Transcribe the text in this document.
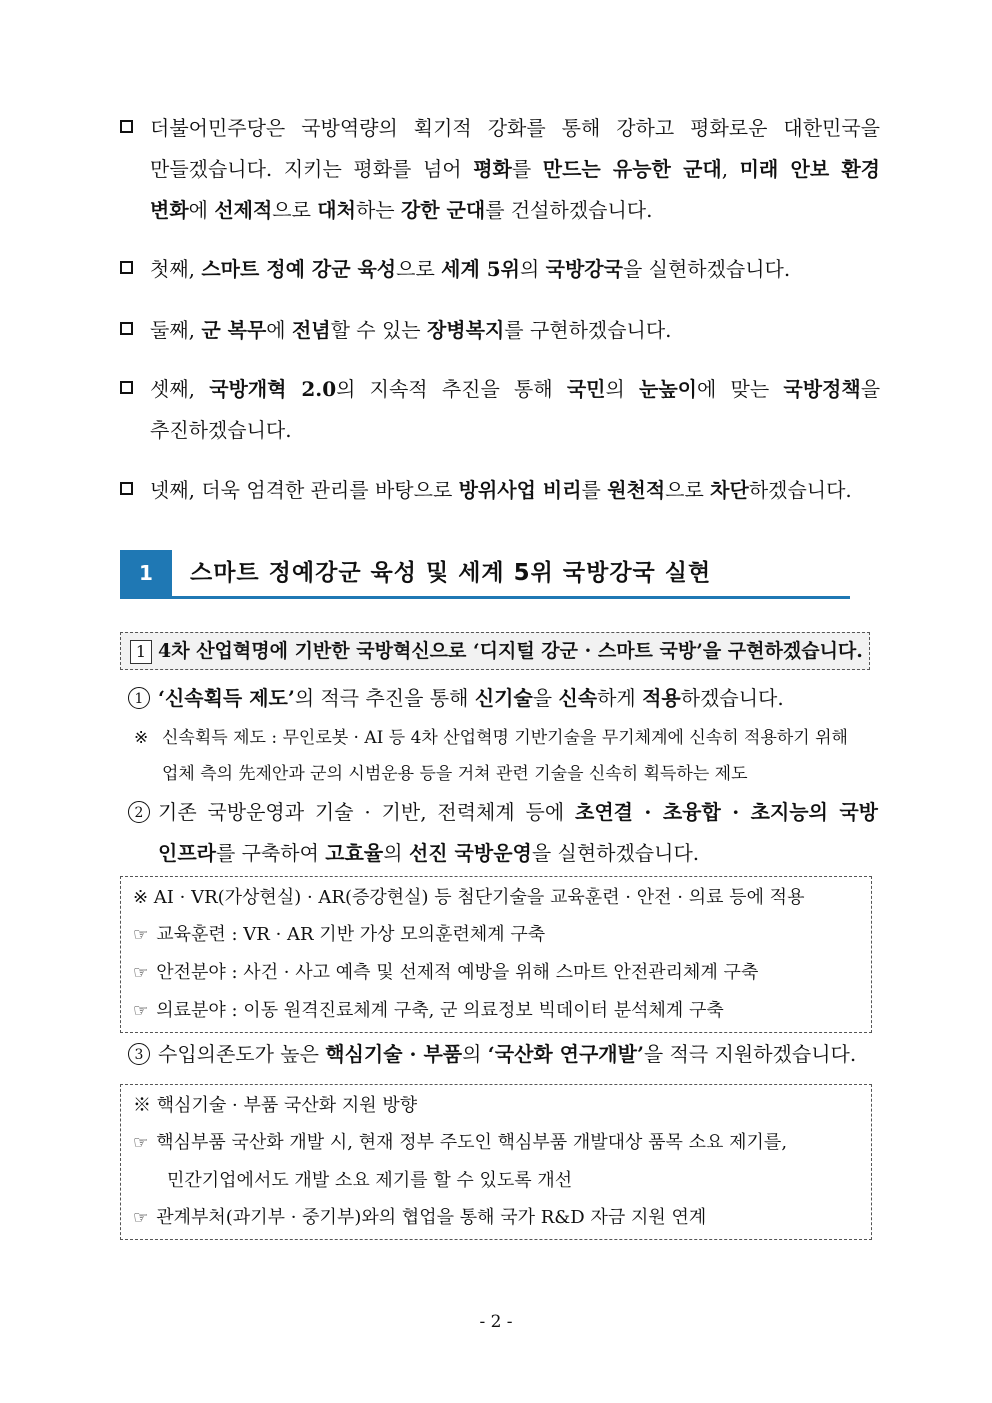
더불어민주당은 국방역량의 획기적 강화를 통해 강하고 평화로운 대한민국을 만들겠습니다. 지키는 평화를 넘어 평화를 만드는 유능한 군대, 미래 안보 환경 변화에 선제적으로 대처하는 강한 군대를 건설하겠습니다.
첫째, 스마트 정예 강군 육성으로 세계 5위의 국방강국을 실현하겠습니다.
둘째, 군 복무에 전념할 수 있는 장병복지를 구현하겠습니다.
셋째, 국방개혁 2.0의 지속적 추진을 통해 국민의 눈높이에 맞는 국방정책을 추진하겠습니다.
넷째, 더욱 엄격한 관리를 바탕으로 방위사업 비리를 원천적으로 차단하겠습니다.
1	스마트 정예강군 육성 및 세계 5위 국방강국 실현
1 4차 산업혁명에 기반한 국방혁신으로 ‘디지털 강군 · 스마트 국방’을 구현하겠습니다.
1 ‘신속획득 제도’의 적극 추진을 통해 신기술을 신속하게 적용하겠습니다.
※ 신속획득 제도 : 무인로봇 · AI 등 4차 산업혁명 기반기술을 무기체계에 신속히 적용하기 위해 업체 측의 先제안과 군의 시범운용 등을 거쳐 관련 기술을 신속히 획득하는 제도
2 기존 국방운영과 기술 · 기반, 전력체계 등에 초연결 · 초융합 · 초지능의 국방 인프라를 구축하여 고효율의 선진 국방운영을 실현하겠습니다.
※ AI · VR(가상현실) · AR(증강현실) 등 첨단기술을 교육훈련 · 안전 · 의료 등에 적용
☞ 교육훈련 : VR · AR 기반 가상 모의훈련체계 구축
☞ 안전분야 : 사건 · 사고 예측 및 선제적 예방을 위해 스마트 안전관리체계 구축
☞ 의료분야 : 이동 원격진료체계 구축, 군 의료정보 빅데이터 분석체계 구축
3 수입의존도가 높은 핵심기술 · 부품의 ‘국산화 연구개발’을 적극 지원하겠습니다.
※ 핵심기술 · 부품 국산화 지원 방향
☞ 핵심부품 국산화 개발 시, 현재 정부 주도인 핵심부품 개발대상 품목 소요 제기를,
민간기업에서도 개발 소요 제기를 할 수 있도록 개선
☞ 관계부처(과기부 · 중기부)와의 협업을 통해 국가 R&D 자금 지원 연계
- 2 -
